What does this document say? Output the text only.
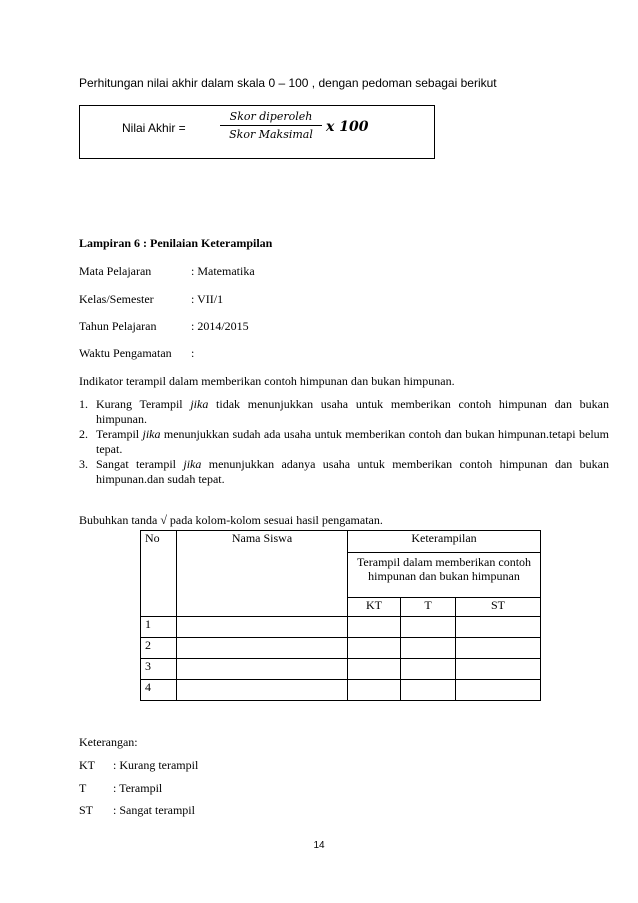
Perhitungan nilai akhir dalam skala 0 – 100 , dengan pedoman sebagai berikut
Nilai Akhir =
Skor diperoleh
Skor Maksimal x 100
Lampiran 6 : Penilaian Keterampilan
Mata Pelajaran	: Matematika
Kelas/Semester	: VII/1
Tahun Pelajaran	: 2014/2015
Waktu Pengamatan :
Indikator terampil dalam memberikan contoh himpunan dan bukan himpunan.
1. Kurang Terampil jika tidak menunjukkan usaha untuk memberikan contoh himpunan dan bukan himpunan.
2. Terampil jika menunjukkan sudah ada usaha untuk memberikan contoh dan bukan himpunan.tetapi belum tepat.
3. Sangat terampil jika menunjukkan adanya usaha untuk memberikan contoh himpunan dan bukan himpunan.dan sudah tepat.
Bubuhkan tanda √ pada kolom-kolom sesuai hasil pengamatan.
No	Nama Siswa	Keterampilan		
		Terampil dalam memberikan contoh himpunan dan bukan himpunan		
		KT	T	ST
1				
2				
3				
4				
Keterangan:
KT : Kurang terampil
T : Terampil
ST : Sangat terampil
14
